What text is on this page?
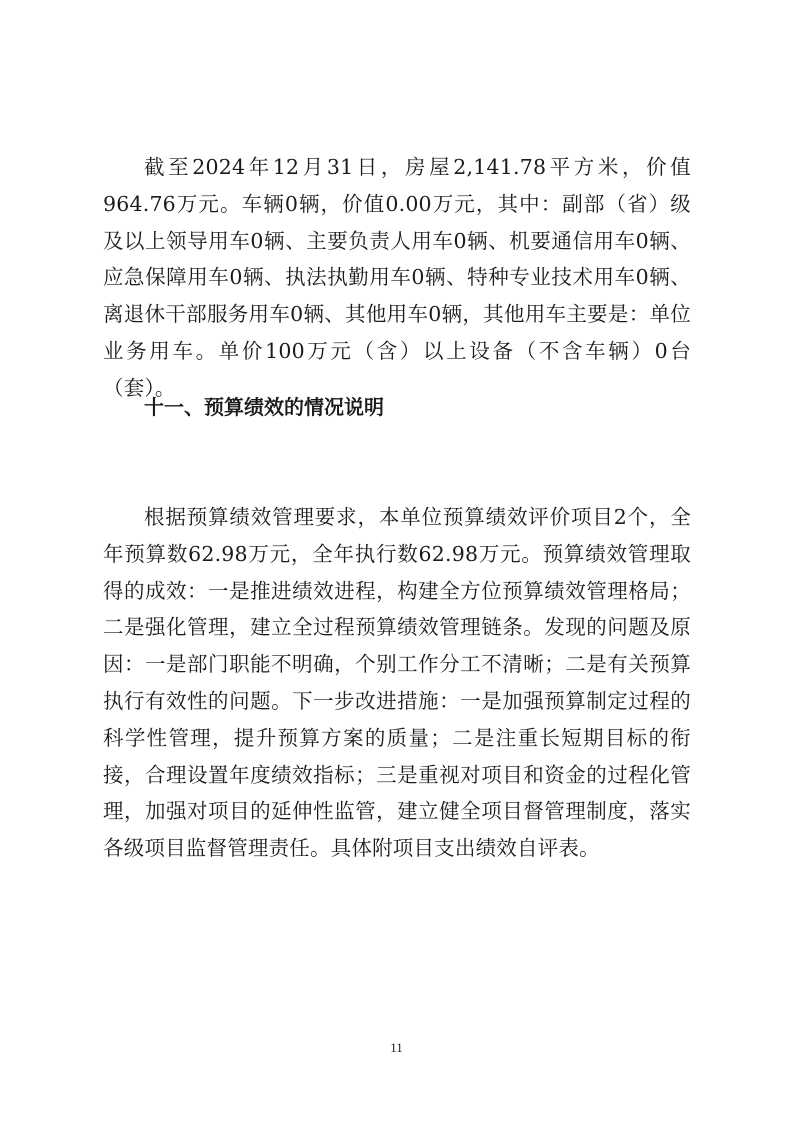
截至2024年12月31日，房屋2,141.78平方米，价值964.76万元。车辆0辆，价值0.00万元，其中：副部（省）级及以上领导用车0辆、主要负责人用车0辆、机要通信用车0辆、应急保障用车0辆、执法执勤用车0辆、特种专业技术用车0辆、离退休干部服务用车0辆、其他用车0辆，其他用车主要是：单位业务用车。单价100万元（含）以上设备（不含车辆）0台（套）。

十一、预算绩效的情况说明

根据预算绩效管理要求，本单位预算绩效评价项目2个，全年预算数62.98万元，全年执行数62.98万元。预算绩效管理取得的成效：一是推进绩效进程，构建全方位预算绩效管理格局；二是强化管理，建立全过程预算绩效管理链条。发现的问题及原因：一是部门职能不明确，个别工作分工不清晰；二是有关预算执行有效性的问题。下一步改进措施：一是加强预算制定过程的科学性管理，提升预算方案的质量；二是注重长短期目标的衔接，合理设置年度绩效指标；三是重视对项目和资金的过程化管理，加强对项目的延伸性监管，建立健全项目督管理制度，落实各级项目监督管理责任。具体附项目支出绩效自评表。

11
